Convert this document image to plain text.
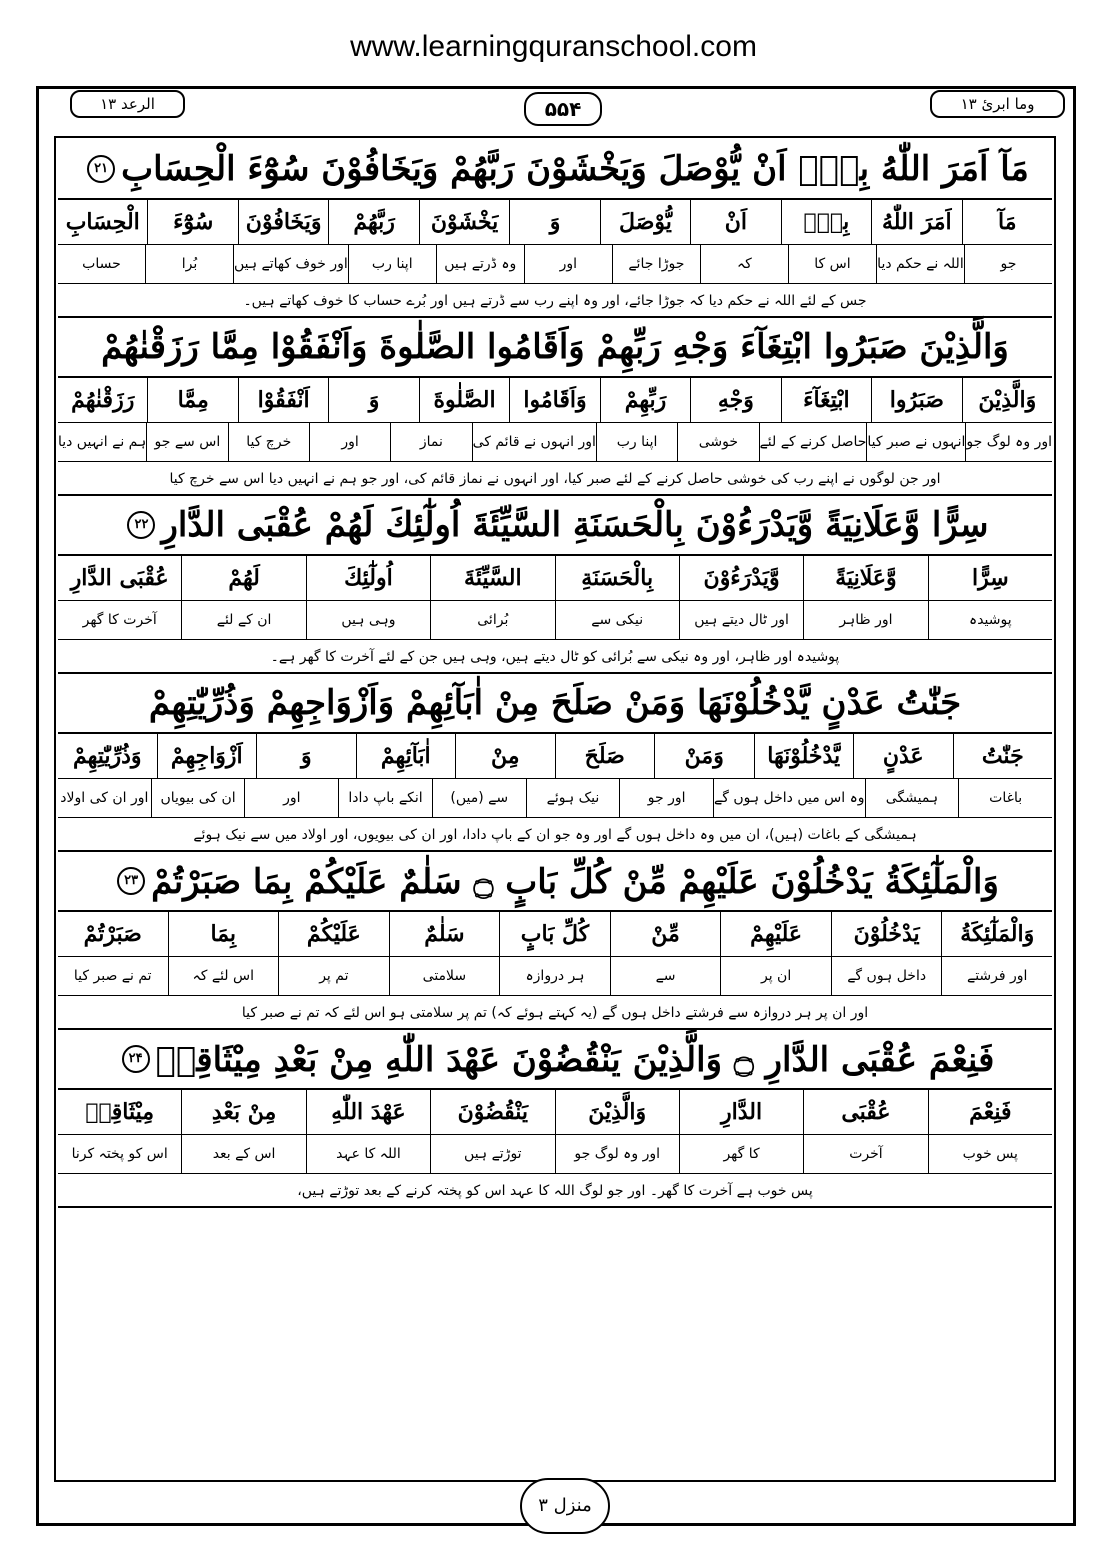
www.learningquranschool.com
الرعد ۱۳	۵۵۴	وما ابرئ ۱۳
مَآ اَمَرَ اللّٰهُ بِهٖٓ اَنْ يُّوْصَلَ وَيَخْشَوْنَ رَبَّهُمْ وَيَخَافُوْنَ سُوْٓءَ الْحِسَابِ
۲۱
مَآ
اَمَرَ اللّٰهُ
بِهٖٓ
اَنْ
يُّوْصَلَ
وَ
يَخْشَوْنَ
رَبَّهُمْ
وَيَخَافُوْنَ
سُوْٓءَ
الْحِسَابِ
جو
اللہ نے حکم دیا
اس کا
کہ
جوڑا جائے
اور
وہ ڈرتے ہیں
اپنا رب
اور خوف کھاتے ہیں
بُرا
حساب
جس کے لئے اللہ نے حکم دیا کہ جوڑا جائے، اور وہ اپنے رب سے ڈرتے ہیں اور بُرے حساب کا خوف کھاتے ہیں۔
وَالَّذِيْنَ صَبَرُوا ابْتِغَآءَ وَجْهِ رَبِّهِمْ وَاَقَامُوا الصَّلٰوةَ وَاَنْفَقُوْا مِمَّا رَزَقْنٰهُمْ
وَالَّذِيْنَ
صَبَرُوا
ابْتِغَآءَ
وَجْهِ
رَبِّهِمْ
وَاَقَامُوا
الصَّلٰوةَ
وَ
اَنْفَقُوْا
مِمَّا
رَزَقْنٰهُمْ
اور وہ لوگ جو
انہوں نے صبر کیا
حاصل کرنے کے لئے
خوشی
اپنا رب
اور انہوں نے قائم کی
نماز
اور
خرچ کیا
اس سے جو
ہم نے انہیں دیا
اور جن لوگوں نے اپنے رب کی خوشی حاصل کرنے کے لئے صبر کیا، اور انہوں نے نماز قائم کی، اور جو ہم نے انہیں دیا اس سے خرچ کیا
سِرًّا وَّعَلَانِيَةً وَّيَدْرَءُوْنَ بِالْحَسَنَةِ السَّيِّئَةَ اُولٰٓئِكَ لَهُمْ عُقْبَى الدَّارِ
۲۲
سِرًّا
وَّعَلَانِيَةً
وَّيَدْرَءُوْنَ
بِالْحَسَنَةِ
السَّيِّئَةَ
اُولٰٓئِكَ
لَهُمْ
عُقْبَى الدَّارِ
پوشیدہ
اور ظاہر
اور ٹال دیتے ہیں
نیکی سے
بُرائی
وہی ہیں
ان کے لئے
آخرت کا گھر
پوشیدہ اور ظاہر، اور وہ نیکی سے بُرائی کو ٹال دیتے ہیں، وہی ہیں جن کے لئے آخرت کا گھر ہے۔
جَنّٰتُ عَدْنٍ يَّدْخُلُوْنَهَا وَمَنْ صَلَحَ مِنْ اٰبَآئِهِمْ وَاَزْوَاجِهِمْ وَذُرِّيّٰتِهِمْ
جَنّٰتُ
عَدْنٍ
يَّدْخُلُوْنَهَا
وَمَنْ
صَلَحَ
مِنْ
اٰبَآئِهِمْ
وَ
اَزْوَاجِهِمْ
وَذُرِّيّٰتِهِمْ
باغات
ہمیشگی
وہ اس میں داخل ہوں گے
اور جو
نیک ہوئے
سے (میں)
انکے باپ دادا
اور
ان کی بیویاں
اور ان کی اولاد
ہمیشگی کے باغات (ہیں)، ان میں وہ داخل ہوں گے اور وہ جو ان کے باپ دادا، اور ان کی بیویوں، اور اولاد میں سے نیک ہوئے
وَالْمَلٰٓئِكَةُ يَدْخُلُوْنَ عَلَيْهِمْ مِّنْ كُلِّ بَابٍ ۝ سَلٰمٌ عَلَيْكُمْ بِمَا صَبَرْتُمْ
۲۳
وَالْمَلٰٓئِكَةُ
يَدْخُلُوْنَ
عَلَيْهِمْ
مِّنْ
كُلِّ بَابٍ
سَلٰمٌ
عَلَيْكُمْ
بِمَا
صَبَرْتُمْ
اور فرشتے
داخل ہوں گے
ان پر
سے
ہر دروازہ
سلامتی
تم پر
اس لئے کہ
تم نے صبر کیا
اور ان پر ہر دروازہ سے فرشتے داخل ہوں گے (یہ کہتے ہوئے کہ) تم پر سلامتی ہو اس لئے کہ تم نے صبر کیا
فَنِعْمَ عُقْبَى الدَّارِ ۝ وَالَّذِيْنَ يَنْقُضُوْنَ عَهْدَ اللّٰهِ مِنْ بَعْدِ مِيْثَاقِهٖ
۲۴
فَنِعْمَ
عُقْبَى
الدَّارِ
وَالَّذِيْنَ
يَنْقُضُوْنَ
عَهْدَ اللّٰهِ
مِنْ بَعْدِ
مِيْثَاقِهٖ
پس خوب
آخرت
کا گھر
اور وہ لوگ جو
توڑتے ہیں
اللہ کا عہد
اس کے بعد
اس کو پختہ کرنا
پس خوب ہے آخرت کا گھر۔ اور جو لوگ اللہ کا عہد اس کو پختہ کرنے کے بعد توڑتے ہیں،
منزل ۳
